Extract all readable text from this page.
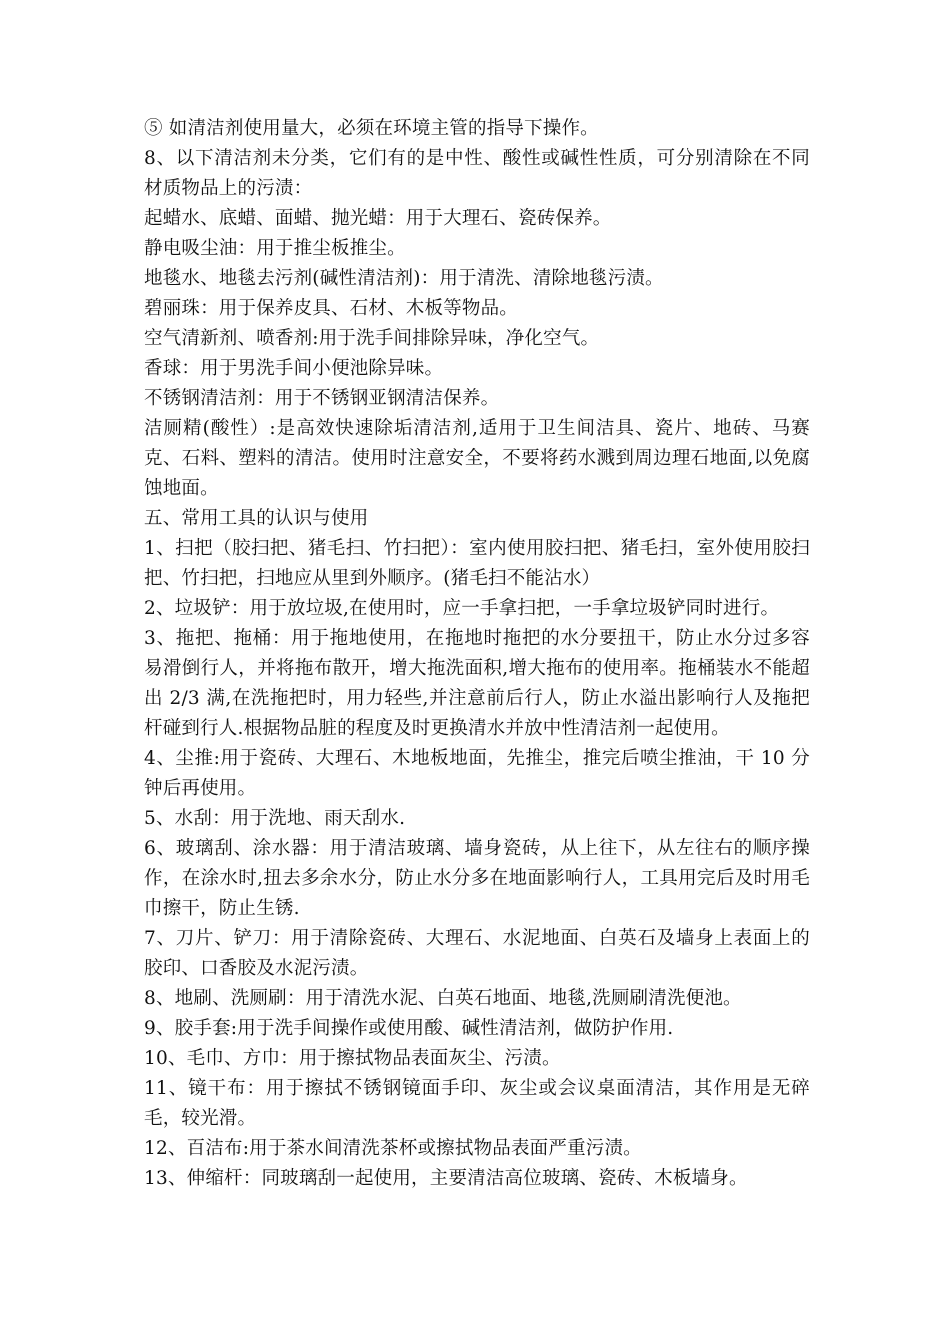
⑤ 如清洁剂使用量大，必须在环境主管的指导下操作。

8、以下清洁剂未分类，它们有的是中性、酸性或碱性性质，可分别清除在不同材质物品上的污渍：

起蜡水、底蜡、面蜡、抛光蜡：用于大理石、瓷砖保养。

静电吸尘油：用于推尘板推尘。

地毯水、地毯去污剂(碱性清洁剂)：用于清洗、清除地毯污渍。

碧丽珠：用于保养皮具、石材、木板等物品。

空气清新剂、喷香剂:用于洗手间排除异味，净化空气。

香球：用于男洗手间小便池除异味。

不锈钢清洁剂：用于不锈钢亚钢清洁保养。

洁厕精(酸性）:是高效快速除垢清洁剂,适用于卫生间洁具、瓷片、地砖、马赛克、石料、塑料的清洁。使用时注意安全，不要将药水溅到周边理石地面,以免腐蚀地面。

五、常用工具的认识与使用

1、扫把（胶扫把、猪毛扫、竹扫把）：室内使用胶扫把、猪毛扫，室外使用胶扫把、竹扫把，扫地应从里到外顺序。(猪毛扫不能沾水）

2、垃圾铲：用于放垃圾,在使用时，应一手拿扫把，一手拿垃圾铲同时进行。

3、拖把、拖桶：用于拖地使用，在拖地时拖把的水分要扭干，防止水分过多容易滑倒行人，并将拖布散开，增大拖洗面积,增大拖布的使用率。拖桶装水不能超出 2/3 满,在洗拖把时，用力轻些,并注意前后行人，防止水溢出影响行人及拖把杆碰到行人.根据物品脏的程度及时更换清水并放中性清洁剂一起使用。

4、尘推:用于瓷砖、大理石、木地板地面，先推尘，推完后喷尘推油，干 10 分钟后再使用。

5、水刮：用于洗地、雨天刮水.

6、玻璃刮、涂水器：用于清洁玻璃、墙身瓷砖，从上往下，从左往右的顺序操作，在涂水时,扭去多余水分，防止水分多在地面影响行人，工具用完后及时用毛巾擦干，防止生锈.

7、刀片、铲刀：用于清除瓷砖、大理石、水泥地面、白英石及墙身上表面上的胶印、口香胶及水泥污渍。

8、地刷、洗厕刷：用于清洗水泥、白英石地面、地毯,洗厕刷清洗便池。

9、胶手套:用于洗手间操作或使用酸、碱性清洁剂，做防护作用.

10、毛巾、方巾：用于擦拭物品表面灰尘、污渍。

11、镜干布：用于擦拭不锈钢镜面手印、灰尘或会议桌面清洁，其作用是无碎毛，较光滑。

12、百洁布:用于茶水间清洗茶杯或擦拭物品表面严重污渍。

13、伸缩杆：同玻璃刮一起使用，主要清洁高位玻璃、瓷砖、木板墙身。
